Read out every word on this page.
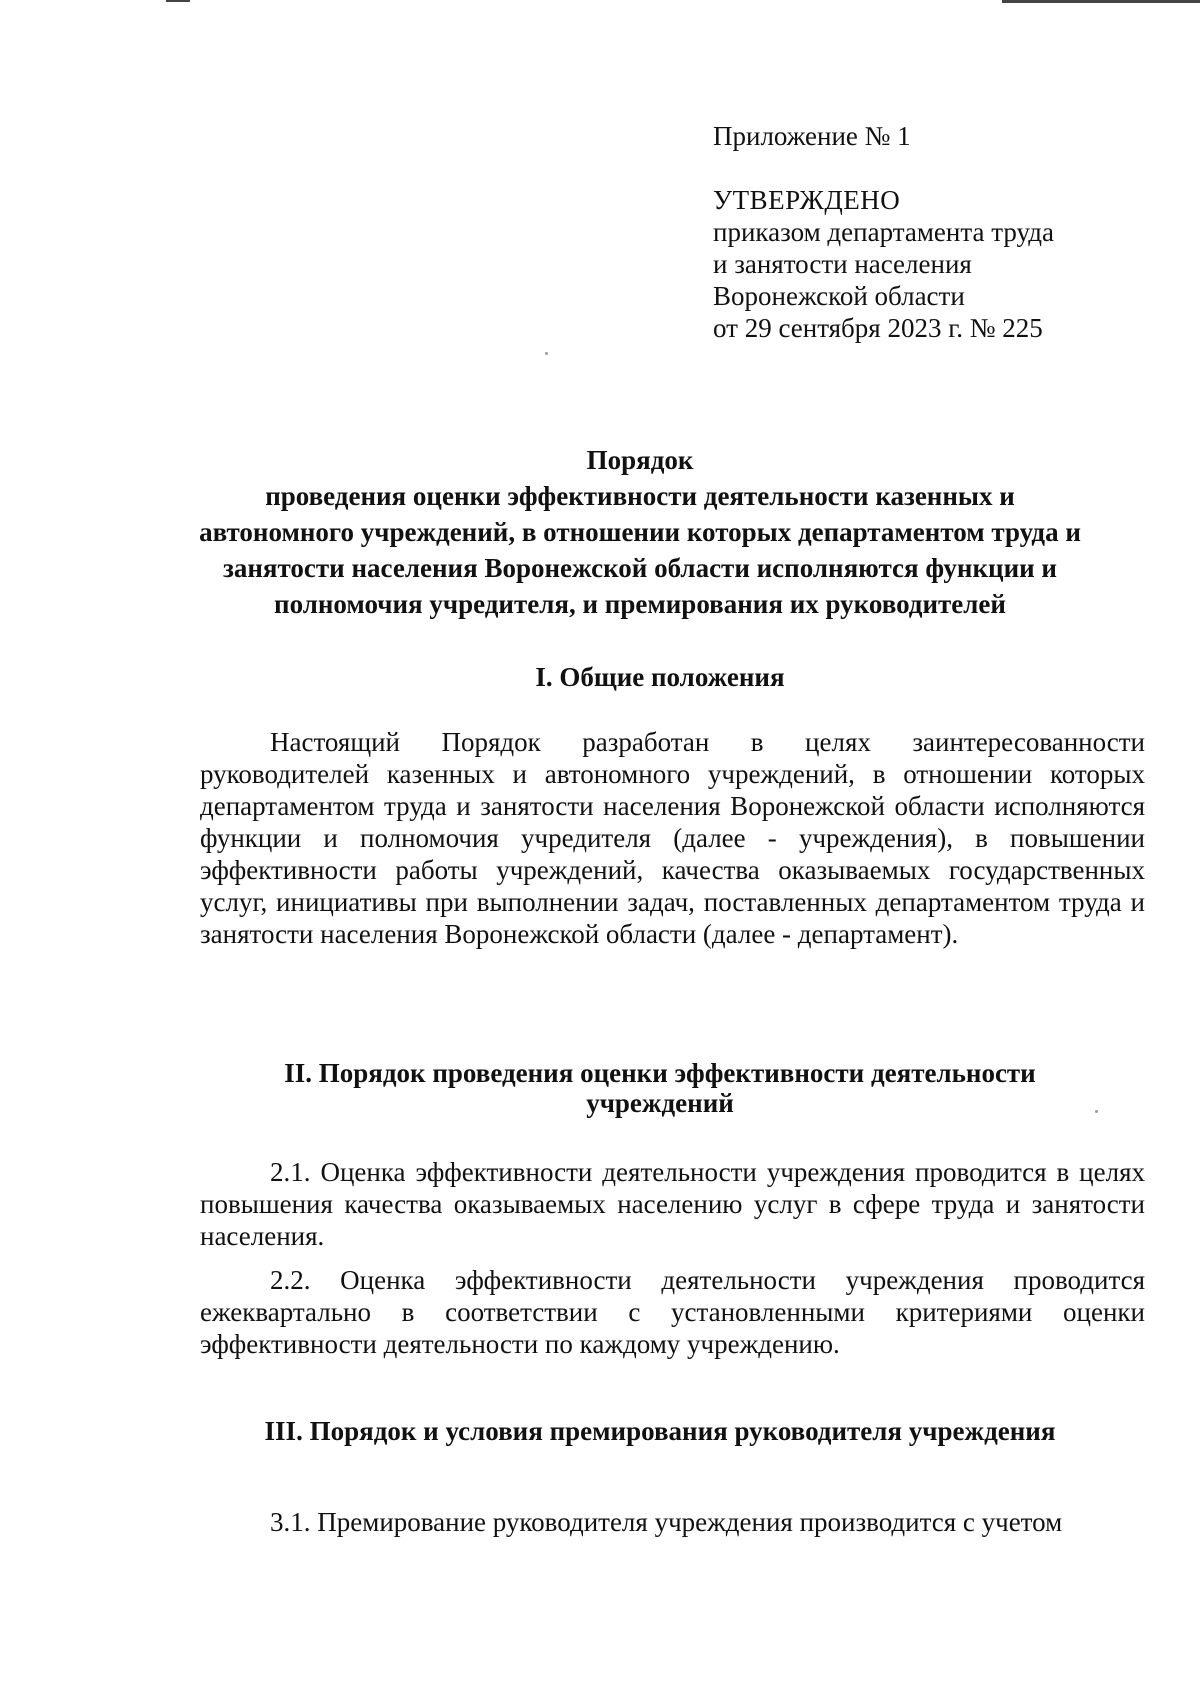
Приложение № 1

УТВЕРЖДЕНО

приказом департамента труда

и занятости населения

Воронежской области

от 29 сентября 2023 г. № 225

Порядок

проведения оценки эффективности деятельности казенных и

автономного учреждений, в отношении которых департаментом труда и

занятости населения Воронежской области исполняются функции и

полномочия учредителя, и премирования их руководителей

I. Общие положения

Настоящий Порядок разработан в целях заинтересованности руководителей казенных и автономного учреждений, в отношении которых департаментом труда и занятости населения Воронежской области исполняются функции и полномочия учредителя (далее - учреждения), в повышении эффективности работы учреждений, качества оказываемых государственных услуг, инициативы при выполнении задач, поставленных департаментом труда и занятости населения Воронежской области (далее - департамент).

II. Порядок проведения оценки эффективности деятельности

учреждений

2.1. Оценка эффективности деятельности учреждения проводится в целях повышения качества оказываемых населению услуг в сфере труда и занятости населения.

2.2. Оценка эффективности деятельности учреждения проводится ежеквартально в соответствии с установленными критериями оценки эффективности деятельности по каждому учреждению.

III. Порядок и условия премирования руководителя учреждения

3.1. Премирование руководителя учреждения производится с учетом
